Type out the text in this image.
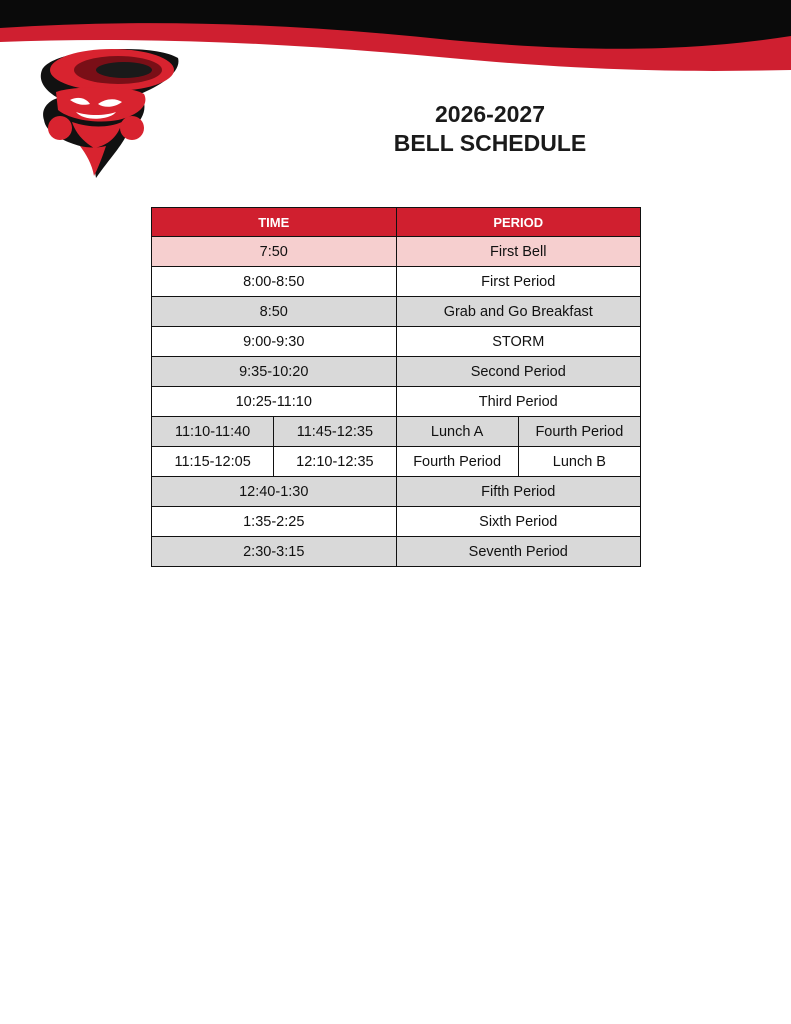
2026-2027
BELL SCHEDULE
TIME		PERIOD	
7:50		First Bell	
8:00-8:50		First Period	
8:50		Grab and Go Breakfast	
9:00-9:30		STORM	
9:35-10:20		Second Period	
10:25-11:10		Third Period	
11:10-11:40	11:45-12:35	Lunch A	Fourth Period
11:15-12:05	12:10-12:35	Fourth Period	Lunch B
12:40-1:30		Fifth Period	
1:35-2:25		Sixth Period	
2:30-3:15		Seventh Period	
